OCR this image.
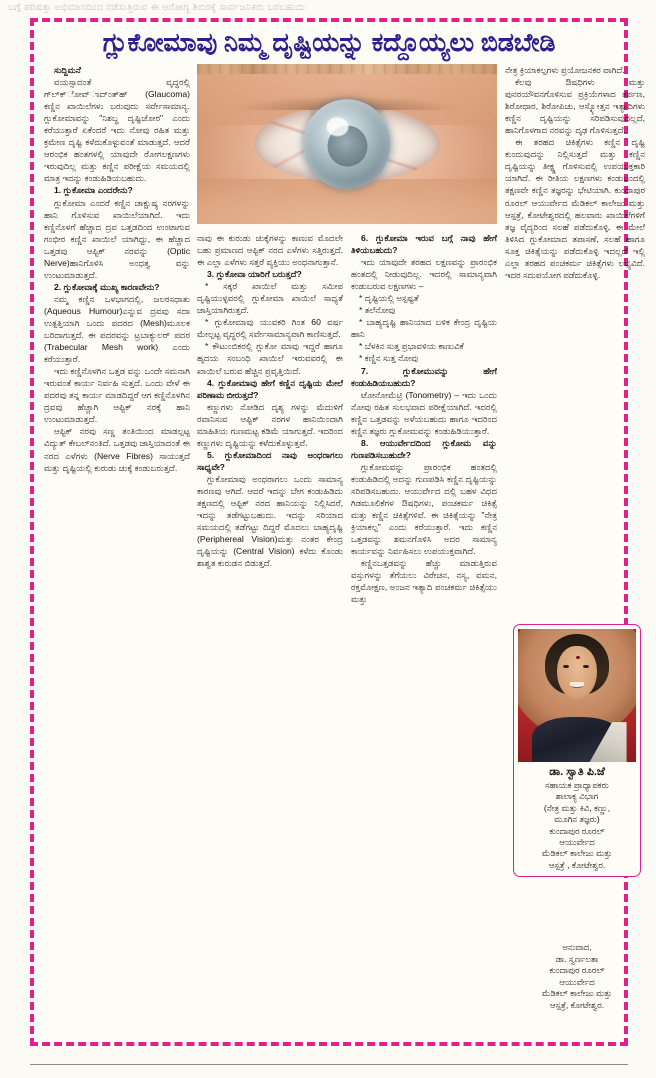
ಬಗ್ಗೆ ಪರಿಷತ್ತು ಅಭಿಮಾನದಿಂದ ನಡೆಸುತ್ತಿರುವ ಈ ಆರೋಗ್ಯ ಶಿಬಿರಕ್ಕೆ ಸಾರ್ವಜನಿಕರು ಬರಬಹುದು
ಗ್ಲುಕೋಮಾವು ನಿಮ್ಮ ದೃಷ್ಟಿಯನ್ನು ಕದ್ದೊಯ್ಯಲು ಬಿಡಬೇಡಿ

ಸುದ್ದಿಮನೆ

ವಯಸ್ಸಾದಂತೆ ವೃದ್ಧರಲ್ಲಿ ಗ್‌ಲ್‌ಕ್‌ೋ‌ವ್‌ಾ‌ದ್‌ಂತ್‌ಹ್‌ (Glaucoma) ಕಣ್ಣಿನ ಖಾಯಿಲೆಗಳು ಬರುವುದು ಸರ್ವೇಸಾಮಾನ್ಯ. ಗ್ಲುಕೋಮಾವನ್ನು "ನಿಶಬ್ಧ ದೃಷ್ಟಿಚೋರ" ಎಂದು ಕರೆಯುತ್ತಾರೆ ಏಕೆಂದರೆ ಇದು ನೋವು ರಹಿತ ಮತ್ತು ಕ್ರಮೇಣ ದೃಷ್ಟಿ ಕಳೆದುಕೊಳ್ಳುವಂತೆ ಮಾಡುತ್ತದೆ. ಆದರೆ ಆರಂಭಿಕ ಹಂತಗಳಲ್ಲಿ ಯಾವುದೇ ರೋಗಲಕ್ಷಣಗಳು ಇರುವುದಿಲ್ಲ ಮತ್ತು ಕಣ್ಣಿನ ಪರೀಕ್ಷೆಯ ಸಮಯದಲ್ಲಿ ಮಾತ್ರ ಇದನ್ನು ಕಂಡುಹಿಡಿಯಬಹುದು.

1. ಗ್ಲುಕೋಮಾ ಎಂದರೇನು?

ಗ್ಲುಕೋಮಾ ಎಂದರೆ ಕಣ್ಣಿನ ಚಾಕ್ಷುಷ್ಯ ನರಗಳನ್ನು ಹಾನಿ ಗೊಳಿಸುವ ಖಾಯಿಲೆಯಾಗಿದೆ. ಇದು ಕಣ್ಣಿನೊಳಗೆ ಹೆಚ್ಚಾದ ದ್ರವ ಒತ್ತಡದಿಂದ ಉಂಟಾಗುವ ಗಂಭೀರ ಕಣ್ಣಿನ ಖಾಯಿಲೆ ಯಾಗಿದ್ದು, ಈ ಹೆಚ್ಚಾದ ಒತ್ತಡವು ಆಪ್ಟಿಕ್ ನರವನ್ನು (Optic Nerve)ಹಾನಿಗೊಳಿಸಿ ಅಂಧತ್ವ ವನ್ನು ಉಂಟುಮಾಡುತ್ತದೆ.

2. ಗ್ಲುಕೋವಾಕ್ಕೆ ಮುಖ್ಯ ಕಾರಣವೇನು?

ನಮ್ಮ ಕಣ್ಣಿನ ಒಳಭಾಗದಲ್ಲಿ, ಜಲರಸಧಾತು (Aqueous Humour)ಎನ್ನುವ ದ್ರವವು ಸದಾ ಉತ್ಪತ್ತಿಯಾಗಿ ಒಂದು ಪದರದ (Mesh)ಮೂಲಕ ಬರಿದಾಗುತ್ತದೆ. ಈ ಪದರವನ್ನು ಟ್ರಬಾಕ್ಯುಲರ್ ಪದರ (Trabecular Mesh work) ಎಂದು ಕರೆಯುತ್ತಾರೆ.

ಇದು ಕಣ್ಣಿನೊಳಗಿನ ಒತ್ತಡ ವನ್ನು ಒಂದೇ ಸಮನಾಗಿ ಇರುವಂತೆ ಕಾರ್ಯ ನಿರ್ವಹಿ ಸುತ್ತದೆ. ಒಂದು ವೇಳೆ ಈ ಪದರವು ತನ್ನ ಕಾರ್ಯ ಮಾಡದಿದ್ದರೆ ಆಗ ಕಣ್ಣಿನೊಳಗಿನ ದ್ರವವು ಹೆಚ್ಚಾಗಿ ಆಪ್ಟಿಕ್ ನರಕ್ಕೆ ಹಾನಿ ಉಂಟುಮಾಡುತ್ತದೆ.

ಆಪ್ಟಿಕ್ ನರವು ಸಣ್ಣ ತಂತಿಯಿಂದ ಮಾಡಲ್ಪಟ್ಟ ವಿದ್ಯುತ್ ಕೇಬಲ್‌ನಂತಿದೆ. ಒತ್ತಡವು ಜಾಸ್ತಿಯಾದಂತೆ ಈ ನರದ ಎಳೆಗಳು (Nerve Fibres) ಸಾಯುತ್ತದೆ ಮತ್ತು ದೃಷ್ಟಿಯಲ್ಲಿ ಕುರುಡು ಚುಕ್ಕೆ ಕಂಡುಬರುತ್ತದೆ.

ನಾವು ಈ ಕುರುಡು ಚುಕ್ಕೆಗಳನ್ನು ಕಾಣುವ ಮೊದಲೇ ಬಹು ಪ್ರಮಾಣದ ಆಪ್ಟಿಕ್ ನರದ ಎಳೆಗಳು ಸತ್ತಿರುತ್ತದೆ. ಈ ಎಲ್ಲಾ ಎಳೆಗಳು ಸತ್ತರೆ ವ್ಯಕ್ತಿಯು ಅಂಧನಾಗುತ್ತಾನೆ.

3. ಗ್ಲುಕೋವಾ ಯಾರಿಗೆ ಬರುತ್ತದೆ?

* ಸಕ್ಕರೆ ಖಾಯಿಲೆ ಮತ್ತು ಸಮೀಪ ದೃಷ್ಟಿಯುಳ್ಳವರಲ್ಲಿ ಗ್ಲುಕೋಮಾ ಖಾಯಿಲೆ ಸಾಧ್ಯತೆ ಜಾಸ್ತಿಯಾಗಿರುತ್ತದೆ.

* ಗ್ಲುಕೋಮಾವು ಯುವಕರಿ ಗಿಂತ 60 ವರ್ಷ ಮೇಲ್ಪಟ್ಟ ವೃದ್ಧರಲ್ಲಿ ಸರ್ವೇಸಾಮಾನ್ಯವಾಗಿ ಕಾಣಿಸುತ್ತದೆ.

* ಕೌಟುಂಬಿಕರಲ್ಲಿ ಗ್ಲುಕೋ ಮಾವು ಇದ್ದರೆ ಹಾಗೂ ಹೃದಯ ಸಂಬಂಧಿ ಖಾಯಿಲೆ ಇರುವವರಲ್ಲಿ ಈ ಖಾಯಿಲೆ ಬರುವ ಹೆಚ್ಚಿನ ಪ್ರವೃತ್ತಿಯಿದೆ.

4. ಗ್ಲುಕೋಮಾವು ಹೇಗೆ ಕಣ್ಣಿನ ದೃಷ್ಟಿಯ ಮೇಲೆ ಪರಿಣಾಮ ಬೀರುತ್ತದೆ?

ಕಣ್ಣುಗಳು ನೋಡಿದ ದೃಶ್ಯ ಗಳನ್ನು ಮೆದುಳಿಗೆ ರವಾನಿಸುವ ಆಪ್ಟಿಕ್ ನರಗಳ ಹಾನಿಯಿಂದಾಗಿ ಮಾಹಿತಿಯ ಗುಣಮಟ್ಟ ಕಡಿಮೆ ಯಾಗುತ್ತದೆ. ಇದರಿಂದ ಕಣ್ಣುಗಳು ದೃಷ್ಟಿಯನ್ನು ಕಳೆದುಕೊಳ್ಳುತ್ತವೆ.

5. ಗ್ಲುಕೋಮಾದಿಂದ ನಾವು ಅಂಧರಾಗಲು ಸಾಧ್ಯವೇ?

ಗ್ಲುಕೋಮಾವು ಅಂಧರಾಗಲು ಒಂದು ಸಾಮಾನ್ಯ ಕಾರಣವು ಆಗಿದೆ. ಆದರೆ ಇದನ್ನು ಬೇಗ ಕಂಡುಹಿಡಿದು ತಕ್ಷಣದಲ್ಲಿ ಆಪ್ಟಿಕ್ ನರದ ಹಾನಿಯನ್ನು ನಿಲ್ಲಿಸಿದರೆ, ಇದನ್ನು ತಡೆಗಟ್ಟುಬಹುದು. ಇದನ್ನು ಸರಿಯಾದ ಸಮಯದಲ್ಲಿ ತಡೆಗಟ್ಟು ದಿದ್ದರೆ ಮೊದಲು ಬಾಹ್ಯದೃಷ್ಟಿ (Periphereal Vision)ಮತ್ತು ನಂತರ ಕೇಂದ್ರ ದೃಷ್ಟಿಯನ್ನು (Central Vision) ಕಳೆದು ಕೊಂಡು ಶಾಶ್ವತ ಕುರುಡನ ಬಿಡುತ್ತದೆ.

6. ಗ್ಲುಕೋಮಾ ಇರುವ ಬಗ್ಗೆ ನಾವು ಹೇಗೆ ತಿಳಿಯಬಹುದು?

ಇದು ಯಾವುದೇ ತರಹದ ಲಕ್ಷಣವನ್ನು ಪ್ರಾರಂಭಿಕ ಹಂತದಲ್ಲಿ ನೀಡುವುದಿಲ್ಲ. ಇದರಲ್ಲಿ ಸಾಮಾನ್ಯವಾಗಿ ಕಂಡುಬರುವ ಲಕ್ಷಣಗಳು –

* ದೃಷ್ಟಿಯಲ್ಲಿ ಅಸ್ಪಷ್ಟತೆ

* ತಲೆನೋವು

* ಬಾಹ್ಯದೃಷ್ಟಿ ಹಾನಿಯಾದ ಬಳಿಕ ಕೇಂದ್ರ ದೃಷ್ಟಿಯ ಹಾನಿ

* ಬೆಳಕಿನ ಸುತ್ತ ಪ್ರಭಾವಳಿಯ ಕಾಣುವಿಕೆ

* ಕಣ್ಣಿನ ಸುತ್ತ ನೋವು

7. ಗ್ಲುಕೋಮುವನ್ನು ಹೇಗೆ ಕಂಡುಹಿಡಿಯಬಹುದು?

ಟೋನೋಮೆಟ್ರಿ (Tonometry) – ಇದು ಒಂದು ನೋವು ರಹಿತ ಸುಲಭವಾದ ಪರೀಕ್ಷೆಯಾಗಿದೆ. ಇದರಲ್ಲಿ ಕಣ್ಣಿನ ಒತ್ತಡವನ್ನು ಅಳೆಯಬಹುದು ಹಾಗೂ ಇದರಿಂದ ಕಣ್ಣಿನ ತಜ್ಞರು ಗ್ಲುಕೋಮವನ್ನು ಕಂಡುಹಿಡಿಯುತ್ತಾರೆ.

8. ಆಯುರ್ವೇದದಿಂದ ಗ್ಲುಕೋಮ ವನ್ನು ಗುಣಪಡಿಸಬುಹುದೇ?

ಗ್ಲುಕೋಮವನ್ನು ಪ್ರಾರಂಭಿಕ ಹಂತದಲ್ಲಿ ಕಂಡುಹಿಡಿದಲ್ಲಿ ಅದನ್ನು ಗುಣಪಡಿಸಿ ಕಣ್ಣಿನ ದೃಷ್ಟಿಯನ್ನು ಸರಿಪಡಿಸಬಹುದು. ಆಯುರ್ವೇದ ದಲ್ಲಿ ಬಹಳ ವಿಧದ ಗಿಡಮೂಲಿಕೆಗಳ ಔಷಧಿಗಳು, ಪಂಚಕರ್ಮ ಚಿಕಿತ್ಸೆ ಮತ್ತು ಕಣ್ಣಿನ ಚಿಕಿತ್ಸೆಗಳಿವೆ. ಈ ಚಿಕಿತ್ಸೆಯನ್ನು "ನೇತ್ರ ಕ್ರಿಯಾಕಲ್ಪ" ಎಂದು ಕರೆಯುತ್ತಾರೆ. ಇದು ಕಣ್ಣಿನ ಒತ್ತಡವನ್ನು ಶಮನಗೊಳಿಸಿ ಅದರ ಸಾಮಾನ್ಯ ಕಾರ್ಯವನ್ನು ನಿರ್ವಹಿಸಲು ಉಪಯುಕ್ತವಾಗಿದೆ.

ಕಣ್ಣಿನಒತ್ತಡವನ್ನು ಹೆಚ್ಚು ಮಾಡುತ್ತಿರುವ ವಸ್ತುಗಳನ್ನು ತೆಗೆಯಲು ವಿರೇಚನ, ನಸ್ಯ, ವಮನ, ರಕ್ತಮೋಕ್ಷಣ, ಅಂಜನ ಇತ್ಯಾದಿ ಪಂಚಕರ್ಮ ಚಿಕಿತ್ಸೆಯು ಮತ್ತು

ನೇತ್ರ ಕ್ರಿಯಾಕಲ್ಪಗಳು ಪ್ರಯೋಜನಕರ ವಾಗಿದೆ.

ಕೆಲವು ಔಷಧಿಗಳು ಮತ್ತು ಪುನರಯೌವನಗೊಳಿಸುವ ಪ್ರಕ್ರಿಯೆಗಳಾದ ತರ್ಪಣ, ಶಿರೋಧಾರ, ಶಿರೋಪಿಚು, ಆಸ್ಕ್ಯೋತ್ತನ ಇತ್ಯಾದಿಗಳು ಕಣ್ಣಿನ ದೃಷ್ಟಿಯನ್ನು ಸರಿಪಡಿಸುವುದಲ್ಲದೆ, ಹಾನಿಗೊಳಗಾದ ನರವನ್ನು ದೃಢ ಗೊಳಿಸುತ್ತದೆ.

ಈ ತರಹದ ಚಿಕಿತ್ಸೆಗಳು ಕಣ್ಣಿನ ದೃಷ್ಟಿ ಕುಂದುವುದನ್ನು ನಿಲ್ಲಿಸುತ್ತದೆ ಮತ್ತು ಕಣ್ಣಿನ ದೃಷ್ಟಿಯನ್ನು ತೀಕ್ಷ್ಣ ಗೊಳಿಸುವಲ್ಲಿ ಉಪಯುಕ್ತಕಾರಿ ಯಾಗಿದೆ. ಈ ರೀತಿಯ ಲಕ್ಷಣಗಳು ಕಂಡುಬಂದಲ್ಲಿ ತಕ್ಷಣವೇ ಕಣ್ಣಿನ ತಜ್ಞರನ್ನು ಭೇಟಿಯಾಗಿ. ಕುಂದಾಪುರ ರೂರಲ್ ಆಯುರ್ವೇದ ಮೆಡಿಕಲ್ ಕಾಲೇಜು ಮತ್ತು ಆಸ್ಪತ್ರೆ, ಕೋಟೇಶ್ವರದಲ್ಲಿ ಹಲವಾರು ಖಾಯಿಲೆಗಳಿಗೆ ತಜ್ಞ ವೈದ್ಯರಿಂದ ಸಲಹೆ ಪಡೆದುಕೊಳ್ಳಿ. ಈ ಮೇಲೆ ತಿಳಿಸಿದ ಗ್ಲುಕೋಮಾದ ತಪಾಸಣೆ, ಸಲಹೆ ಹಾಗೂ ಸೂಕ್ತ ಚಿಕಿತ್ಸೆಯನ್ನು ಪಡೆದುಕೊಳ್ಳಿ ಇದಲ್ಲದೆ ಇಲ್ಲಿ ಎಲ್ಲಾ ತರಹದ ಪಂಚಕರ್ಮ ಚಿಕಿತ್ಸೆಗಳು ಲಭ್ಯವಿದೆ. ಇದರ ಸದುಪಯೋಗ ಪಡೆದುಕೊಳ್ಳಿ.

ಡಾ. ಸ್ವಾತಿ ಪಿ.ಜೆ
ಸಹಾಯಕ ಪ್ರಾಧ್ಯಾಪಕರು
ಶಾಲಾಕ್ಯ ವಿಭಾಗ
(ನೇತ್ರ ಮತ್ತು ಕಿವಿ, ಕಣ್ಣು,
ಮೂಗಿನ ತಜ್ಞರು)
ಕುಂದಾಪುರ ರೂರಲ್
ಆಯುರ್ವೇದ
ಮೆಡಿಕಲ್ ಕಾಲೇಜು ಮತ್ತು
ಆಸ್ಪತ್ರೆ , ಕೋಟೇಶ್ವರ.
ಅನುವಾದ,
ಡಾ. ಸ್ವರ್ಣಲತಾ
ಕುಂದಾಪುರ ರೂರಲ್
ಆಯುರ್ವೇದ
ಮೆಡಿಕಲ್ ಕಾಲೇಜು ಮತ್ತು
ಆಸ್ಪತ್ರೆ, ಕೋಟೇಶ್ವರ.
